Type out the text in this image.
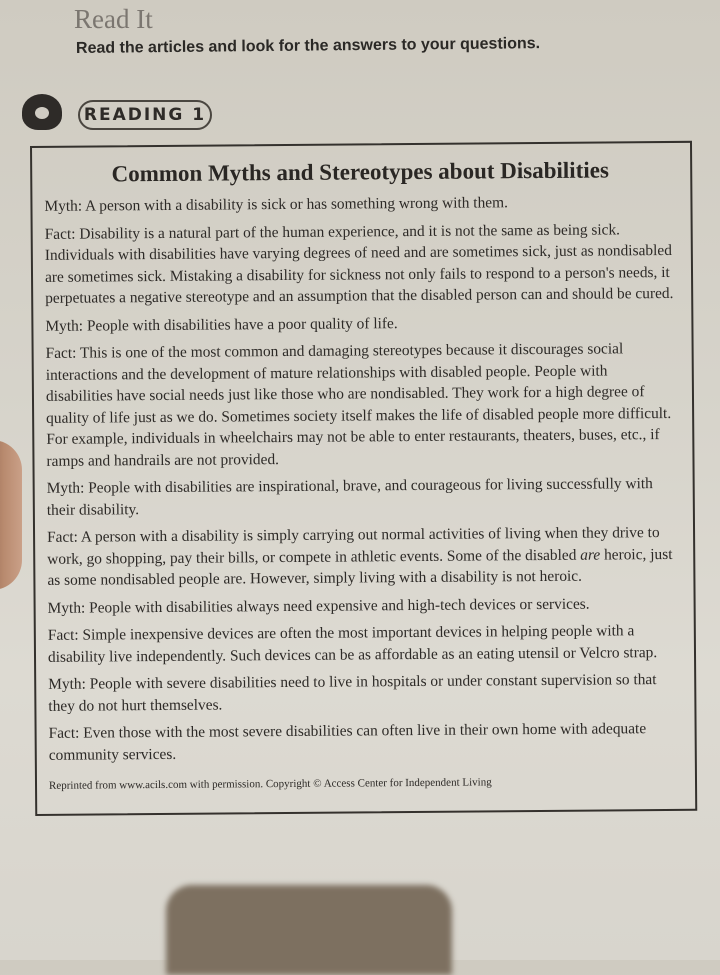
Read It
Read the articles and look for the answers to your questions.
READING 1
Common Myths and Stereotypes about Disabilities

Myth: A person with a disability is sick or has something wrong with them.

Fact: Disability is a natural part of the human experience, and it is not the same as being sick. Individuals with disabilities have varying degrees of need and are sometimes sick, just as nondisabled are sometimes sick. Mistaking a disability for sickness not only fails to respond to a person's needs, it perpetuates a negative stereotype and an assumption that the disabled person can and should be cured.

Myth: People with disabilities have a poor quality of life.

Fact: This is one of the most common and damaging stereotypes because it discourages social interactions and the development of mature relationships with disabled people. People with disabilities have social needs just like those who are nondisabled. They work for a high degree of quality of life just as we do. Sometimes society itself makes the life of disabled people more difficult. For example, individuals in wheelchairs may not be able to enter restaurants, theaters, buses, etc., if ramps and handrails are not provided.

Myth: People with disabilities are inspirational, brave, and courageous for living successfully with their disability.

Fact: A person with a disability is simply carrying out normal activities of living when they drive to work, go shopping, pay their bills, or compete in athletic events. Some of the disabled are heroic, just as some nondisabled people are. However, simply living with a disability is not heroic.

Myth: People with disabilities always need expensive and high-tech devices or services.

Fact: Simple inexpensive devices are often the most important devices in helping people with a disability live independently. Such devices can be as affordable as an eating utensil or Velcro strap.

Myth: People with severe disabilities need to live in hospitals or under constant supervision so that they do not hurt themselves.

Fact: Even those with the most severe disabilities can often live in their own home with adequate community services.

Reprinted from www.acils.com with permission. Copyright © Access Center for Independent Living
